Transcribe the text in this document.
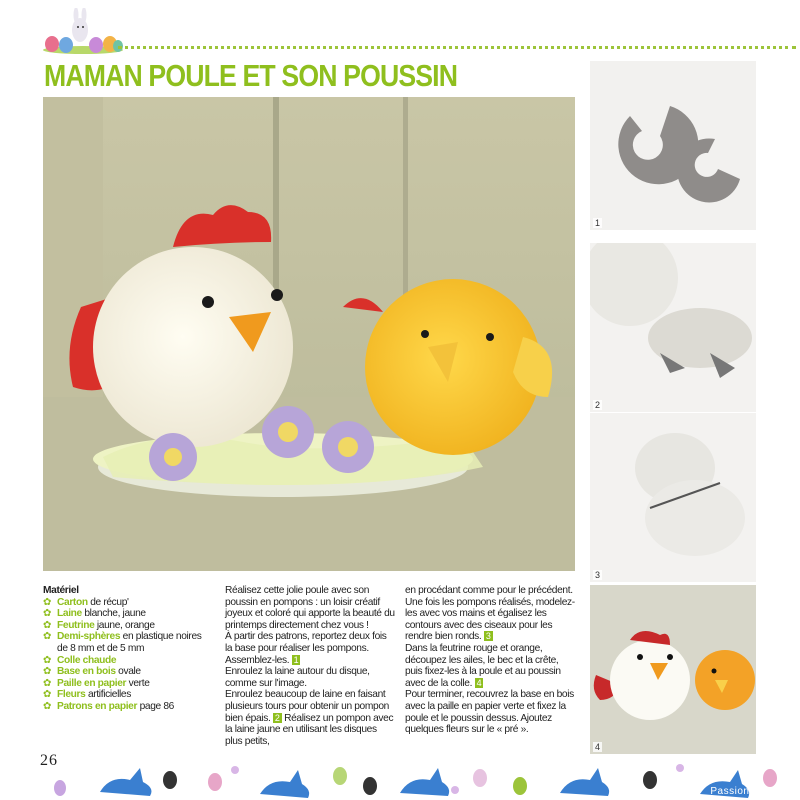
MAMAN POULE ET SON POUSSIN
1
2
3
4

Matériel

✿ Carton de récup'
✿ Laine blanche, jaune
✿ Feutrine jaune, orange
✿ Demi-sphères en plastique noires de 8 mm et de 5 mm
✿ Colle chaude
✿ Base en bois ovale
✿ Paille en papier verte
✿ Fleurs artificielles
✿ Patrons en papier page 86

Réalisez cette jolie poule avec son poussin en pompons : un loisir créatif joyeux et coloré qui apporte la beauté du printemps directement chez vous !

À partir des patrons, reportez deux fois la base pour réaliser les pompons. Assemblez-les. 1

Enroulez la laine autour du disque, comme sur l'image.

Enroulez beaucoup de laine en faisant plusieurs tours pour obtenir un pompon bien épais. 2 Réalisez un pompon avec la laine jaune en utilisant les disques plus petits,

en procédant comme pour le précédent. Une fois les pompons réalisés, modelez-les avec vos mains et égalisez les contours avec des ciseaux pour les rendre bien ronds. 3

Dans la feutrine rouge et orange, découpez les ailes, le bec et la crête, puis fixez-les à la poule et au poussin avec de la colle. 4

Pour terminer, recouvrez la base en bois avec la paille en papier verte et fixez la poule et le poussin dessus. Ajoutez quelques fleurs sur le « pré ».

26
PassionForum.ru
